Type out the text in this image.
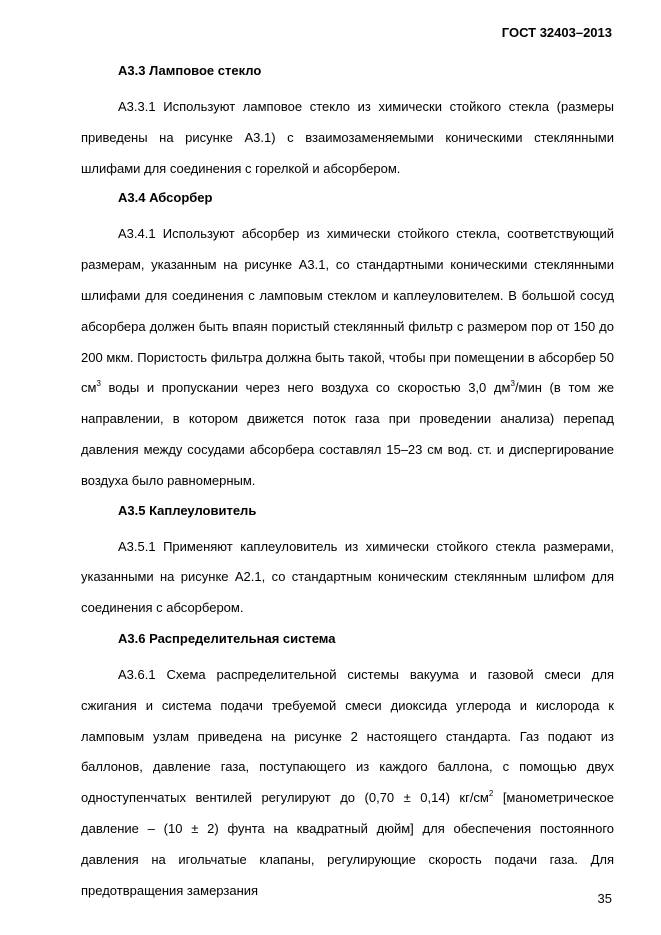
ГОСТ 32403–2013
А3.3 Ламповое стекло
А3.3.1 Используют ламповое стекло из химически стойкого стекла (размеры приведены на рисунке А3.1) с взаимозаменяемыми коническими стеклянными шлифами для соединения с горелкой и абсорбером.
А3.4 Абсорбер
А3.4.1 Используют абсорбер из химически стойкого стекла, соответствующий размерам, указанным на рисунке А3.1, со стандартными коническими стеклянными шлифами для соединения с ламповым стеклом и каплеуловителем. В большой сосуд абсорбера должен быть впаян пористый стеклянный фильтр с размером пор от 150 до 200 мкм. Пористость фильтра должна быть такой, чтобы при помещении в абсорбер 50 $см^3$ воды и пропускании через него воздуха со скоростью 3,0 $дм^3$/мин (в том же направлении, в котором движется поток газа при проведении анализа) перепад давления между сосудами абсорбера составлял 15–23 см вод. ст. и диспергирование воздуха было равномерным.
А3.5 Каплеуловитель
А3.5.1 Применяют каплеуловитель из химически стойкого стекла размерами, указанными на рисунке А2.1, со стандартным коническим стеклянным шлифом для соединения с абсорбером.
А3.6 Распределительная система
А3.6.1 Схема распределительной системы вакуума и газовой смеси для сжигания и система подачи требуемой смеси диоксида углерода и кислорода к ламповым узлам приведена на рисунке 2 настоящего стандарта. Газ подают из баллонов, давление газа, поступающего из каждого баллона, с помощью двух одноступенчатых вентилей регулируют до (0,70 ± 0,14) $кг/см^2$ [манометрическое давление – (10 ± 2) фунта на квадратный дюйм] для обеспечения постоянного давления на игольчатые клапаны, регулирующие скорость подачи газа. Для предотвращения замерзания
35
